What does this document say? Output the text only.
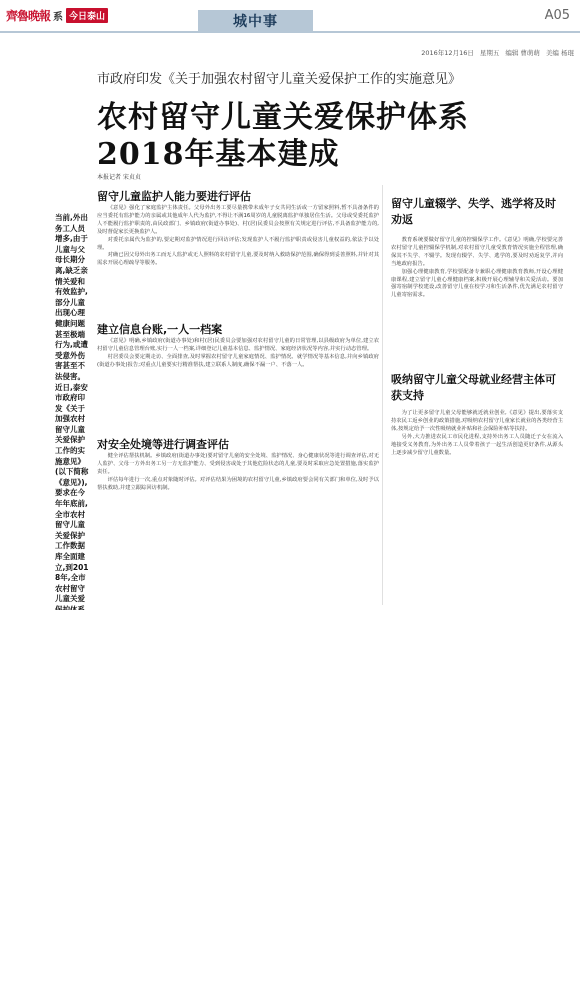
齊魯晚報 系 今日泰山	城中事	A05
2016年12月16日 星期五 编辑 曹萌萌 美编 杨琨
市政府印发《关于加强农村留守儿童关爱保护工作的实施意见》
农村留守儿童关爱保护体系
2018年基本建成
本报记者 宋贞贞
当前,外出务工人员增多,由于儿童与父母长期分离,缺乏亲情关爱和有效监护,部分儿童出现心理健康问题甚至极端行为,或遭受意外伤害甚至不法侵害。近日,泰安市政府印发《关于加强农村留守儿童关爱保护工作的实施意见》(以下简称《意见》),要求在今年年底前,全市农村留守儿童关爱保护工作数据库全面建立,到2018年,全市农村留守儿童关爱
留守儿童监护人能力要进行评估

《意见》强化了家庭监护主体责任。父母外出务工要尽量携带未成年子女共同生活或一方留家照料,暂不具备条件的应当委托有监护能力的亲属或其他成年人代为监护,不得让不满16周岁的儿童脱离监护单独居住生活。父母或受委托监护人不能履行监护职责的,由民政部门、乡镇政府(街道办事处)、村(居)民委员会按照有关规定进行评估,不具备监护能力的,及时督促家长更换监护人。

对委托亲属代为监护的,要定期对监护情况进行回访评估;发现监护人不履行监护职责或侵害儿童权益的,依法予以处理。

对确已因父母外出务工而无人监护或无人照料的农村留守儿童,要及时纳入救助保护范围,确保得到妥善照料,并针对其需求开展心理疏导等服务。

建立信息台账,一人一档案

《意见》明确,乡镇政府(街道办事处)和村(居)民委员会要加强对农村留守儿童的日常管理,以县级政府为单位,建立农村留守儿童信息管理台账,实行一人一档案,详细登记儿童基本信息、监护情况、家庭经济状况等内容,并实行动态管理。

村居委员会要定期走访、全面排查,及时掌握农村留守儿童家庭情况、监护情况、就学情况等基本信息,并向乡镇政府(街道办事处)报告;对重点儿童要实行精准帮扶,建立联系人制度,确保不漏一户、不落一人。

对安全处境等进行调查评估

健全评估帮扶机制。乡镇政府(街道办事处)要对留守儿童的安全处境、监护情况、身心健康状况等进行调查评估,对无人监护、父母一方外出务工另一方无监护能力、受到侵害或处于其他危险状态的儿童,要及时采取应急处置措施,落实监护责任。

评估每年进行一次,重点对象随时评估。对评估结果为困境的农村留守儿童,乡镇政府要会同有关部门和单位,及时予以帮扶救助,并建立跟踪回访机制。

留守儿童辍学、失学、逃学将及时劝返

教育系统要做好留守儿童的控辍保学工作。《意见》明确,学校要完善农村留守儿童控辍保学机制,对农村留守儿童受教育情况实施全程管理,确保其不失学、不辍学。发现有辍学、失学、逃学的,要及时劝返复学,并向当地政府报告。

加强心理健康教育,学校要配备专兼职心理健康教育教师,开设心理健康课程,建立留守儿童心理健康档案,积极开展心理辅导和关爱活动。要加强寄宿制学校建设,改善留守儿童在校学习和生活条件,优先满足农村留守儿童寄宿需求。

吸纳留守儿童父母就业经营主体可获支持

为了让更多留守儿童父母能够就近就业创业,《意见》提出,要落实支持农民工返乡创业的政策措施,对吸纳农村留守儿童家长就业的各类经营主体,按规定给予一次性吸纳就业补贴和社会保险补贴等扶持。

另外,大力推进农民工市民化进程,支持外出务工人员随迁子女在流入地接受义务教育,为外出务工人员带着孩子一起生活创造更好条件,从源头上逐步减少留守儿童数量。
